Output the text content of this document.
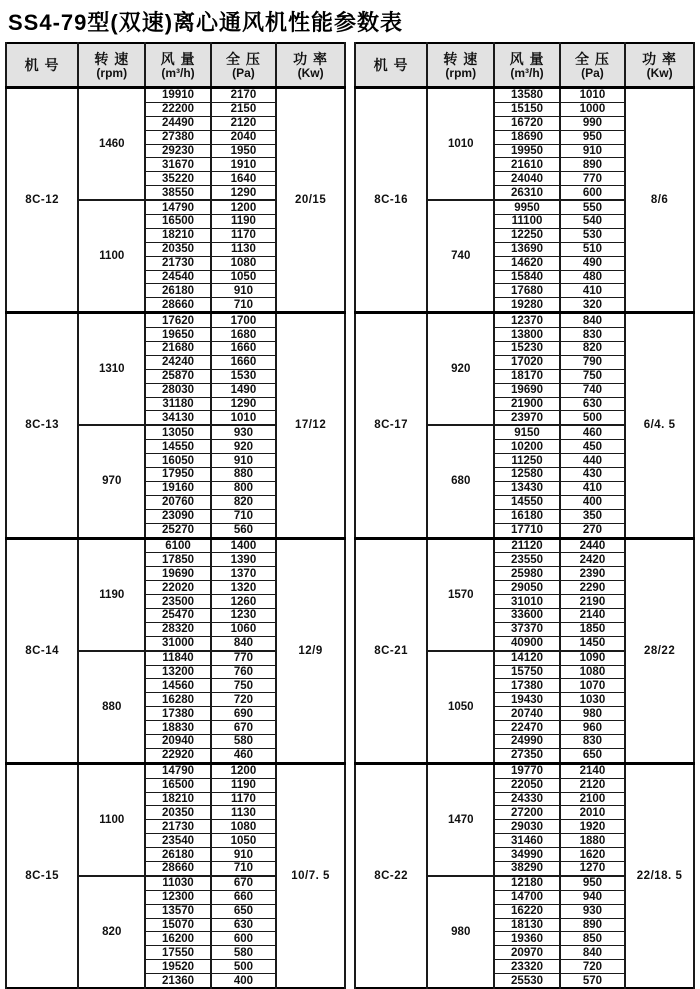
SS4-79型(双速)离心通风机性能参数表
机 号	转 速
(rpm)	风 量
(m³/h)	全 压
(Pa)	功 率
(Kw)

8C-12	1460	19910	2170	20/15
		22200	2150	
		24490	2120	
		27380	2040	
		29230	1950	
		31670	1910	
		35220	1640	
		38550	1290	
	1100	14790	1200	
		16500	1190	
		18210	1170	
		20350	1130	
		21730	1080	
		24540	1050	
		26180	910	
		28660	710	
8C-13	1310	17620	1700	17/12
		19650	1680	
		21680	1660	
		24240	1660	
		25870	1530	
		28030	1490	
		31180	1290	
		34130	1010	
	970	13050	930	
		14550	920	
		16050	910	
		17950	880	
		19160	800	
		20760	820	
		23090	710	
		25270	560	
8C-14	1190	6100	1400	12/9
		17850	1390	
		19690	1370	
		22020	1320	
		23500	1260	
		25470	1230	
		28320	1060	
		31000	840	
	880	11840	770	
		13200	760	
		14560	750	
		16280	720	
		17380	690	
		18830	670	
		20940	580	
		22920	460	
8C-15	1100	14790	1200	10/7. 5
		16500	1190	
		18210	1170	
		20350	1130	
		21730	1080	
		23540	1050	
		26180	910	
		28660	710	
	820	11030	670	
		12300	660	
		13570	650	
		15070	630	
		16200	600	
		17550	580	
		19520	500	
		21360	400	
机 号	转 速
(rpm)	风 量
(m³/h)	全 压
(Pa)	功 率
(Kw)

8C-16	1010	13580	1010	8/6
		15150	1000	
		16720	990	
		18690	950	
		19950	910	
		21610	890	
		24040	770	
		26310	600	
	740	9950	550	
		11100	540	
		12250	530	
		13690	510	
		14620	490	
		15840	480	
		17680	410	
		19280	320	
8C-17	920	12370	840	6/4. 5
		13800	830	
		15230	820	
		17020	790	
		18170	750	
		19690	740	
		21900	630	
		23970	500	
	680	9150	460	
		10200	450	
		11250	440	
		12580	430	
		13430	410	
		14550	400	
		16180	350	
		17710	270	
8C-21	1570	21120	2440	28/22
		23550	2420	
		25980	2390	
		29050	2290	
		31010	2190	
		33600	2140	
		37370	1850	
		40900	1450	
	1050	14120	1090	
		15750	1080	
		17380	1070	
		19430	1030	
		20740	980	
		22470	960	
		24990	830	
		27350	650	
8C-22	1470	19770	2140	22/18. 5
		22050	2120	
		24330	2100	
		27200	2010	
		29030	1920	
		31460	1880	
		34990	1620	
		38290	1270	
	980	12180	950	
		14700	940	
		16220	930	
		18130	890	
		19360	850	
		20970	840	
		23320	720	
		25530	570	
